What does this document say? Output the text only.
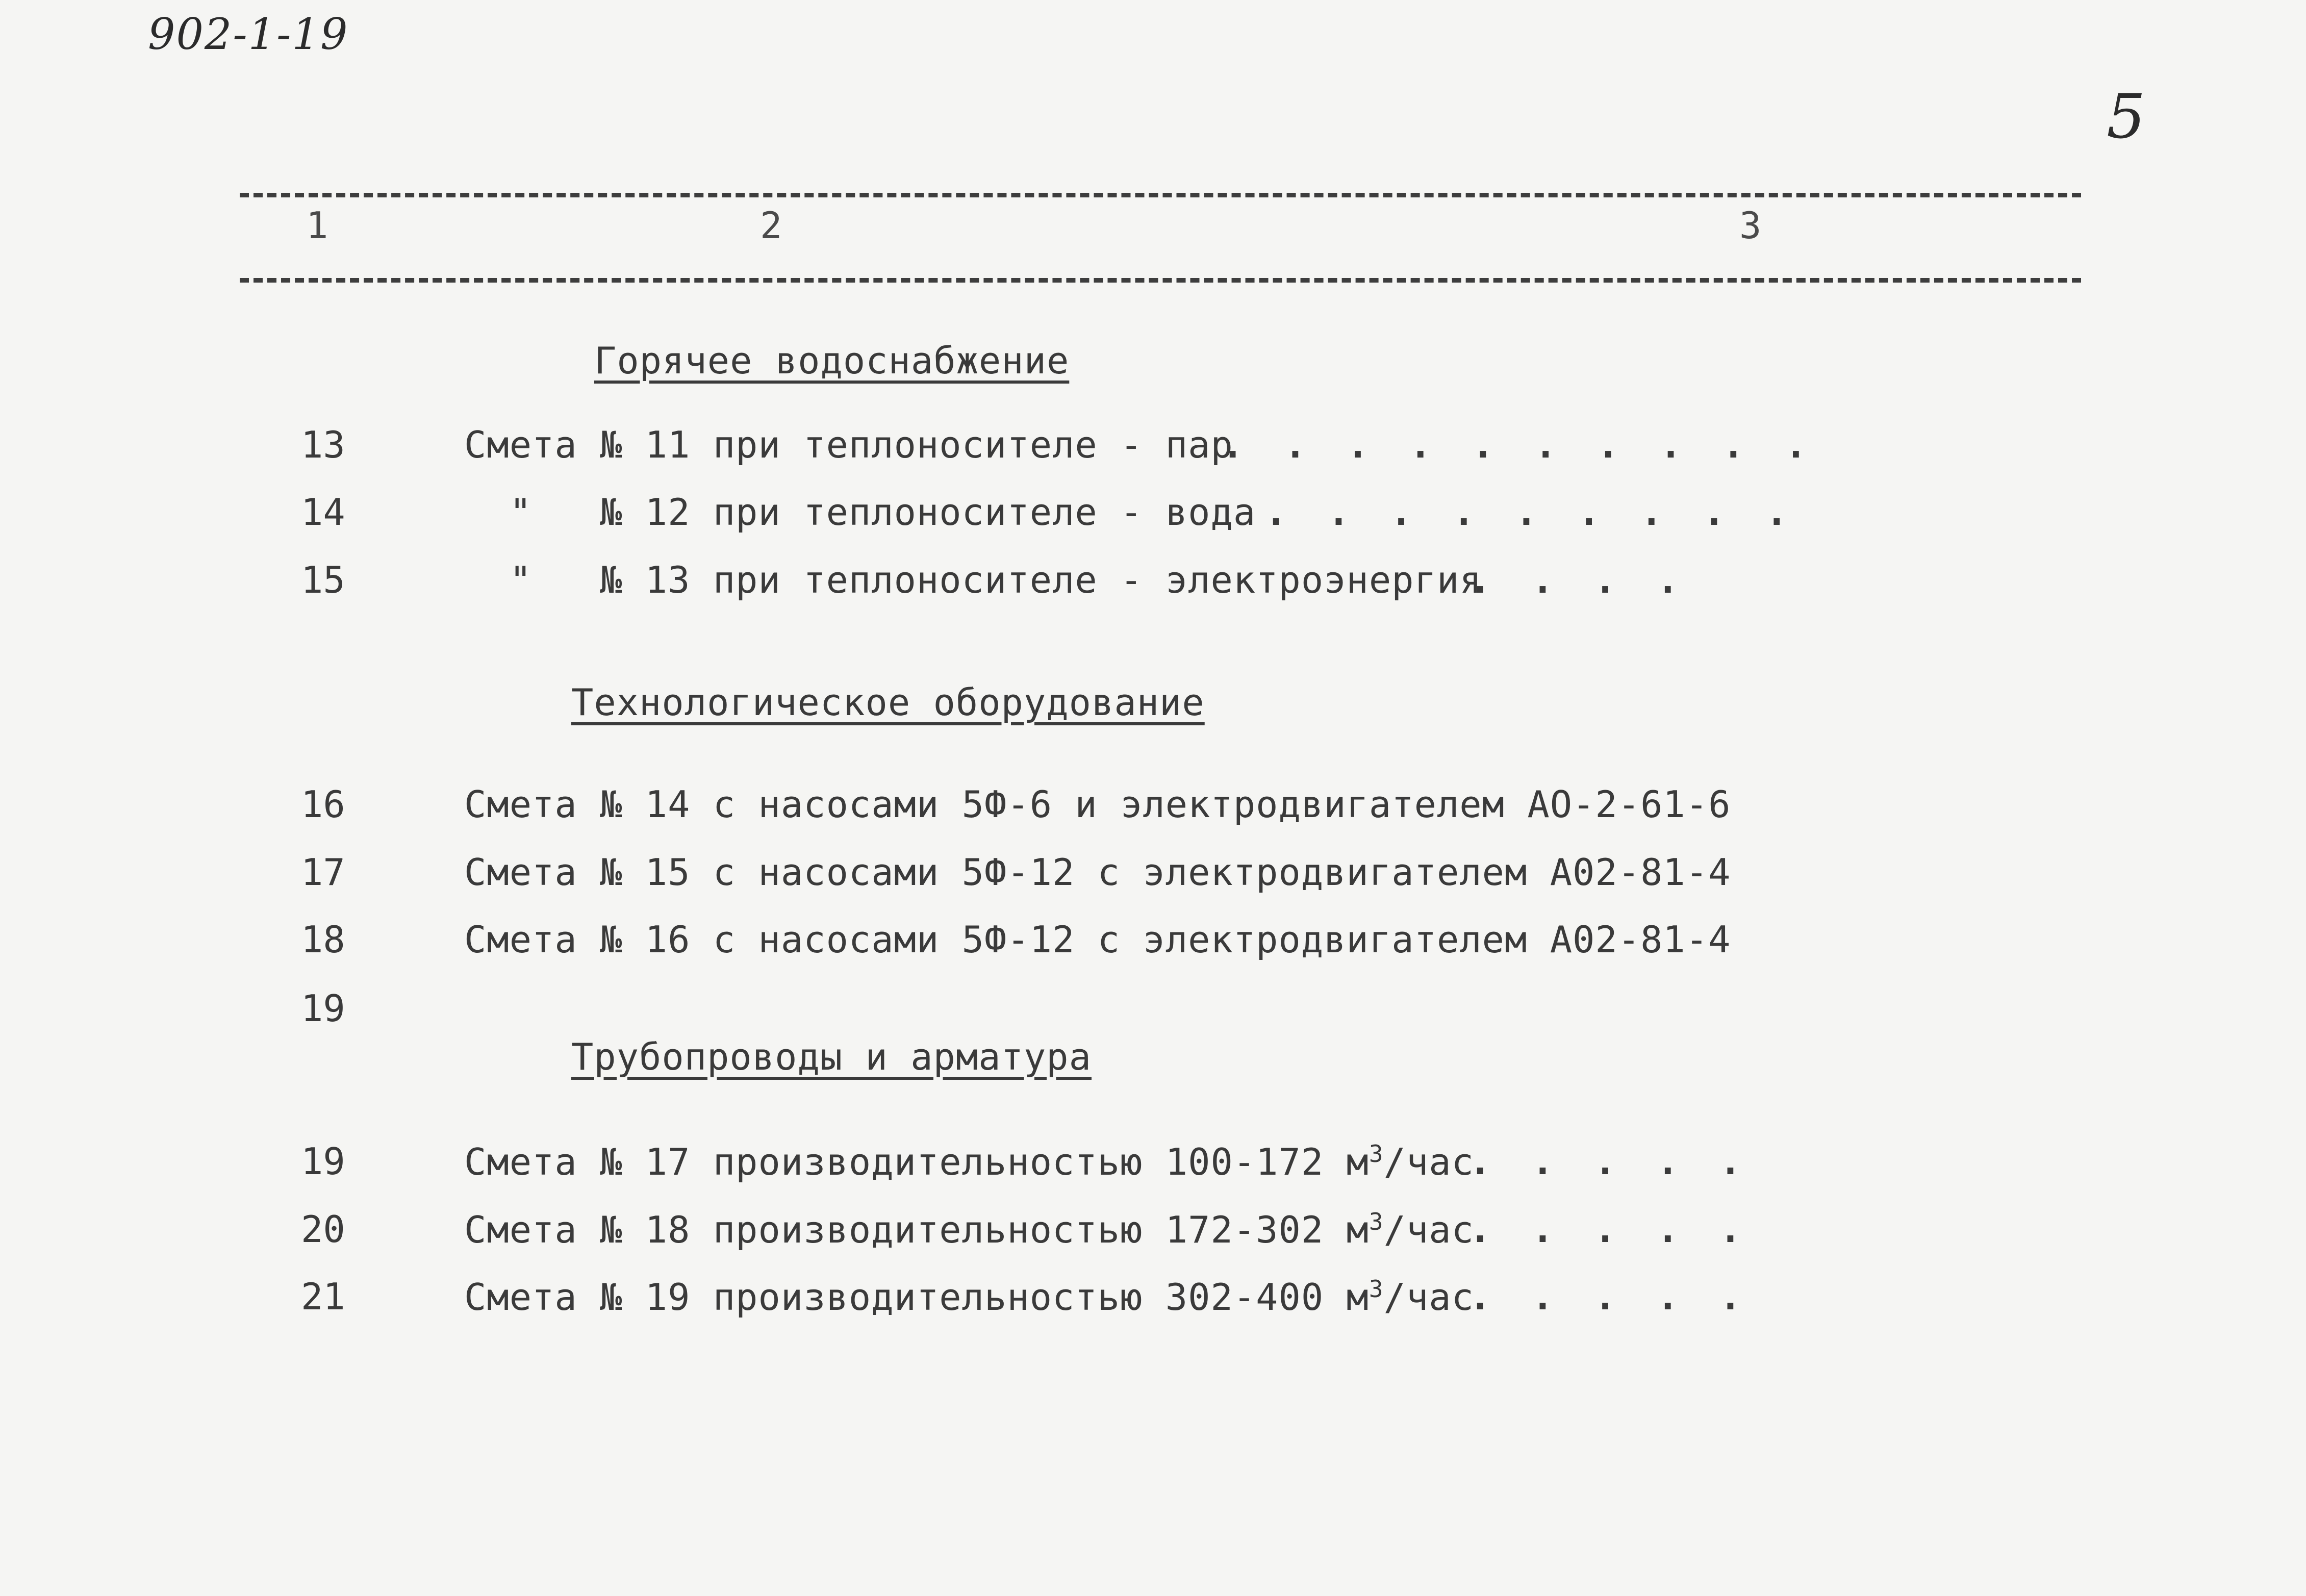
902-1-19
5
1	2	3
Горячее водоснабжение
13	Смета № 11 при теплоносителе - пар
. . . . . . . . . .
14	"   № 12 при теплоносителе - вода . . . . . . . . .
15	"   № 13 при теплоносителе - электроэнергия
. . . .
Технологическое оборудование
16	Смета № 14 с насосами 5Ф-6 и электродвигателем АО-2-61-6
17	Смета № 15 с насосами 5Ф-12 с электродвигателем А02-81-4
18	Смета № 16 с насосами 5Ф-12 с электродвигателем А02-81-4
19
Трубопроводы и арматура
19	Смета № 17 производительностью 100-172 $м^3$/час
. . . . .
20	Смета № 18 производительностью 172-302 $м^3$/час
. . . . .
21	Смета № 19 производительностью 302-400 $м^3$/час
. . . . .
